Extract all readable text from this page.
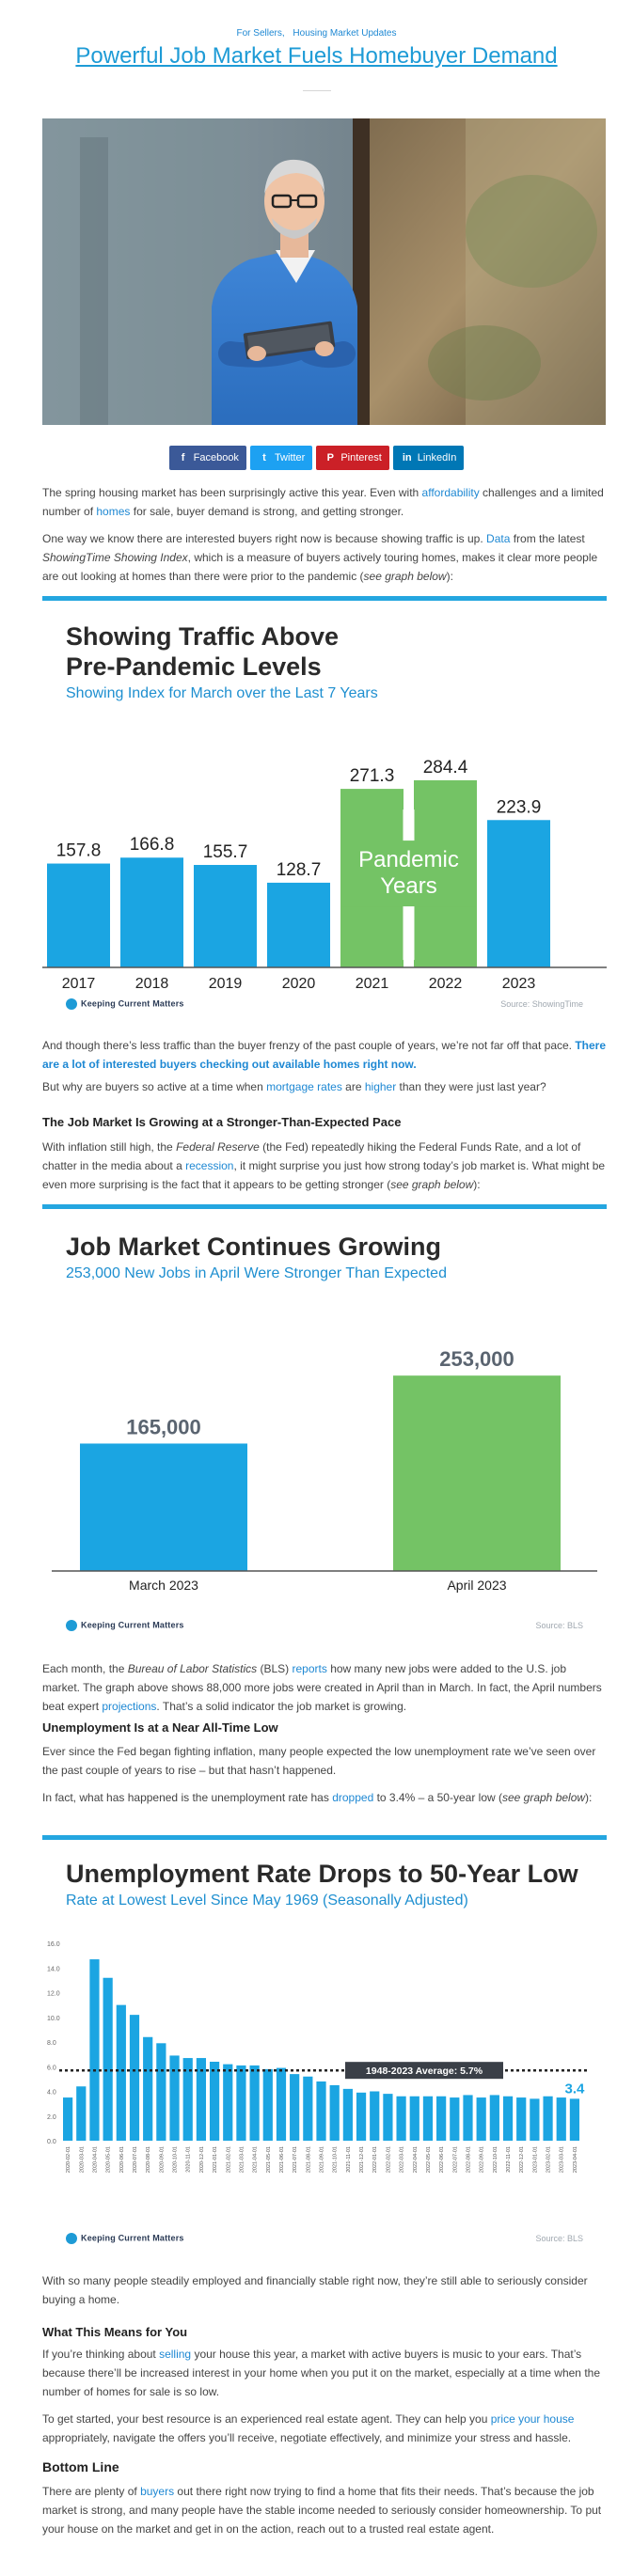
For Sellers, Housing Market Updates
Powerful Job Market Fuels Homebuyer Demand
f Facebook t Twitter P Pinterest in LinkedIn
The spring housing market has been surprisingly active this year. Even with affordability challenges and a limited number of homes for sale, buyer demand is strong, and getting stronger.
One way we know there are interested buyers right now is because showing traffic is up. Data from the latest ShowingTime Showing Index, which is a measure of buyers actively touring homes, makes it clear more people are out looking at homes than there were prior to the pandemic (see graph below):
Showing Traffic Above
Pre-Pandemic Levels
Showing Index for March over the Last 7 Years
157.8
2017
166.8
2018
155.7
2019
128.7
2020
271.3
2021
284.4
2022
223.9
2023
Pandemic
Years
Keeping Current Matters	Source: ShowingTime
And though there’s less traffic than the buyer frenzy of the past couple of years, we’re not far off that pace. There are a lot of interested buyers checking out available homes right now.
But why are buyers so active at a time when mortgage rates are higher than they were just last year?
The Job Market Is Growing at a Stronger-Than-Expected Pace
With inflation still high, the Federal Reserve (the Fed) repeatedly hiking the Federal Funds Rate, and a lot of chatter in the media about a recession, it might surprise you just how strong today’s job market is. What might be even more surprising is the fact that it appears to be getting stronger (see graph below):
Job Market Continues Growing
253,000 New Jobs in April Were Stronger Than Expected
165,000
March 2023
253,000
April 2023
Keeping Current Matters	Source: BLS
Each month, the Bureau of Labor Statistics (BLS) reports how many new jobs were added to the U.S. job market. The graph above shows 88,000 more jobs were created in April than in March. In fact, the April numbers beat expert projections. That’s a solid indicator the job market is growing.
Unemployment Is at a Near All-Time Low
Ever since the Fed began fighting inflation, many people expected the low unemployment rate we’ve seen over the past couple of years to rise – but that hasn’t happened.
In fact, what has happened is the unemployment rate has dropped to 3.4% – a 50-year low (see graph below):
Unemployment Rate Drops to 50-Year Low
Rate at Lowest Level Since May 1969 (Seasonally Adjusted)
0.0
2.0
4.0
6.0
8.0
10.0
12.0
14.0
16.0
2020-02-01 2020-03-01 2020-04-01 2020-05-01 2020-06-01 2020-07-01 2020-08-01 2020-09-01 2020-10-01 2020-11-01 2020-12-01 2021-01-01 2021-02-01 2021-03-01 2021-04-01 2021-05-01 2021-06-01 2021-07-01 2021-08-01 2021-09-01 2021-10-01 2021-11-01 2021-12-01 2022-01-01 2022-02-01 2022-03-01 2022-04-01 2022-05-01 2022-06-01 2022-07-01 2022-08-01 2022-09-01 2022-10-01 2022-11-01 2022-12-01 2023-01-01 2023-02-01 2023-03-01 2023-04-01
1948-2023 Average: 5.7%
3.4
Keeping Current Matters	Source: BLS
With so many people steadily employed and financially stable right now, they’re still able to seriously consider buying a home.
What This Means for You
If you’re thinking about selling your house this year, a market with active buyers is music to your ears. That’s because there’ll be increased interest in your home when you put it on the market, especially at a time when the number of homes for sale is so low.
To get started, your best resource is an experienced real estate agent. They can help you price your house appropriately, navigate the offers you’ll receive, negotiate effectively, and minimize your stress and hassle.
Bottom Line
There are plenty of buyers out there right now trying to find a home that fits their needs. That’s because the job market is strong, and many people have the stable income needed to seriously consider homeownership. To put your house on the market and get in on the action, reach out to a trusted real estate agent.
